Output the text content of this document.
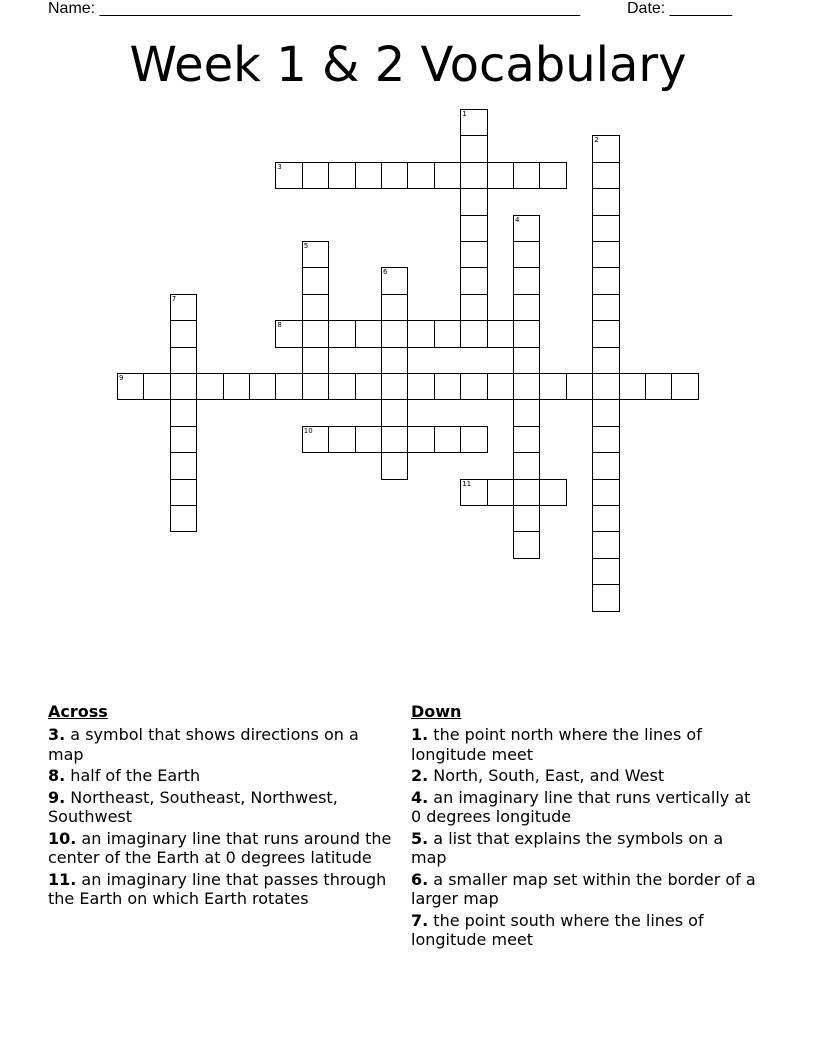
Name: ______________________________________________________	Date: _______
Week 1 & 2 Vocabulary
1
2
3
4
5
6
7
8
9
10
11
Across
3. a symbol that shows directions on a map
8. half of the Earth
9. Northeast, Southeast, Northwest, Southwest
10. an imaginary line that runs around the center of the Earth at 0 degrees latitude
11. an imaginary line that passes through the Earth on which Earth rotates
Down
1. the point north where the lines of longitude meet
2. North, South, East, and West
4. an imaginary line that runs vertically at 0 degrees longitude
5. a list that explains the symbols on a map
6. a smaller map set within the border of a larger map
7. the point south where the lines of longitude meet
